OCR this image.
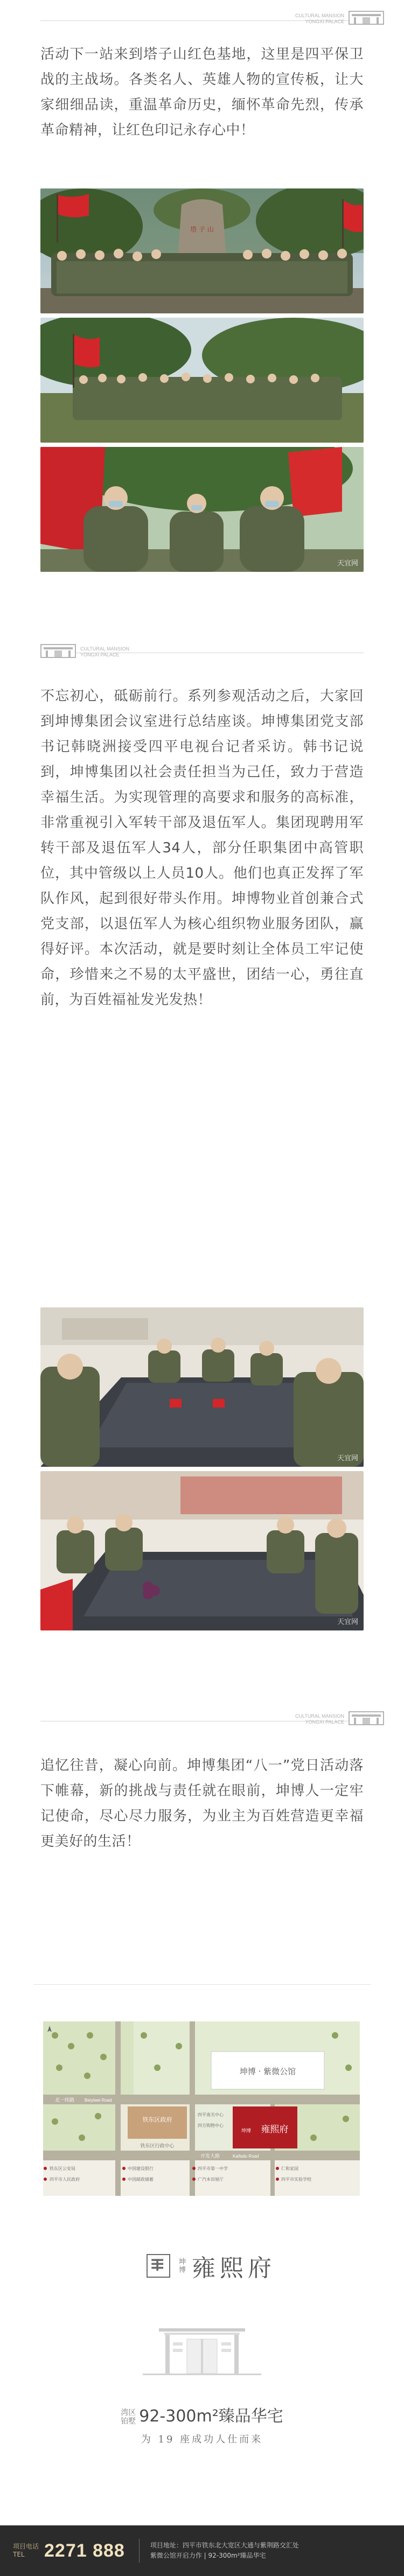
CULTURAL MANSION
YONGXI PALACE
活动下一站来到塔子山红色基地，这里是四平保卫战的主战场。各类名人、英雄人物的宣传板，让大家细细品读，重温革命历史，缅怀革命先烈，传承革命精神，让红色印记永存心中！
塔 子 山
天宜网
CULTURAL MANSION
YONGXI PALACE
不忘初心，砥砺前行。系列参观活动之后，大家回到坤博集团会议室进行总结座谈。坤博集团党支部书记韩晓洲接受四平电视台记者采访。韩书记说到，坤博集团以社会责任担当为己任，致力于营造幸福生活。为实现管理的高要求和服务的高标准，非常重视引入军转干部及退伍军人。集团现聘用军转干部及退伍军人34人，部分任职集团中高管职位，其中管级以上人员10人。他们也真正发挥了军队作风，起到很好带头作用。坤博物业首创兼合式党支部，以退伍军人为核心组织物业服务团队，赢得好评。本次活动，就是要时刻让全体员工牢记使命，珍惜来之不易的太平盛世，团结一心，勇往直前，为百姓福祉发光发热！
天宜网
天宜网
CULTURAL MANSION
YONGXI PALACE
追忆往昔，凝心向前。坤博集团“八一”党日活动落下帷幕，新的挑战与责任就在眼前，坤博人一定牢记使命，尽心尽力服务，为业主为百姓营造更幸福更美好的生活！
坤博 · 紫微公馆
雍熙府
坤博
铁东区政府
铁东区行政中心
北一纬路 Beiyiwei Road
开发大路	Kaifadu Road
四平南关中心
四方购物中心
铁东区公安局
四平市人民政府
中国建设银行
中国邮政储蓄
四平市第一中学	仁和家园
广汽本田展厅	四平市实验学校
坤博 雍熙府
湾区
铂墅 92-300m²臻品华宅
为 19 座成功人仕而来
项目电话
TEL	2271 888	项目地址：四平市铁东北大宽区大通与紫荆路交汇处
紫微公馆开启力作 | 92-300m²臻品华宅
